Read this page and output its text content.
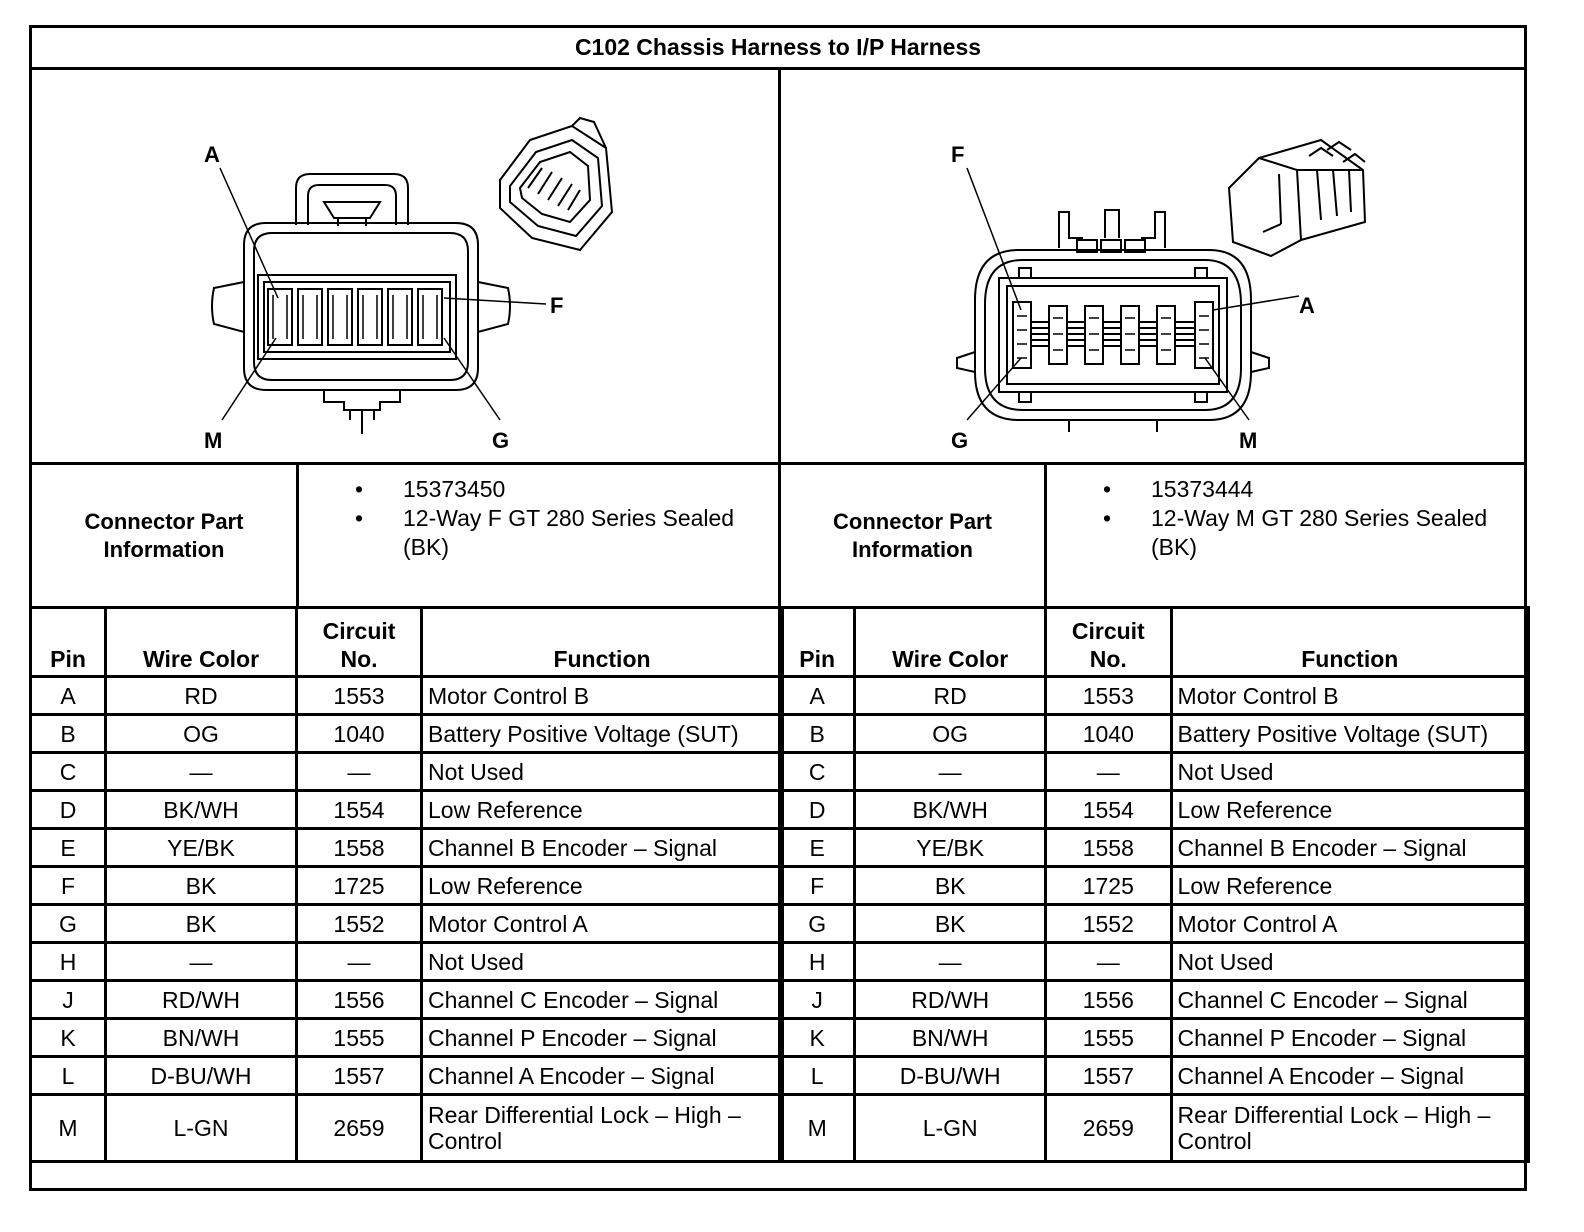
C102 Chassis Harness to I/P Harness
A
F
M	G
F
A
G	M
Connector Part Information
• 15373450
• 12-Way F GT 280 Series Sealed (BK)
Connector Part Information
• 15373444
• 12-Way M GT 280 Series Sealed (BK)
Pin	Wire Color	Circuit No.	Function
A	RD	1553	Motor Control B
B	OG	1040	Battery Positive Voltage (SUT)
C	—	—	Not Used
D	BK/WH	1554	Low Reference
E	YE/BK	1558	Channel B Encoder – Signal
F	BK	1725	Low Reference
G	BK	1552	Motor Control A
H	—	—	Not Used
J	RD/WH	1556	Channel C Encoder – Signal
K	BN/WH	1555	Channel P Encoder – Signal
L	D-BU/WH	1557	Channel A Encoder – Signal
M	L-GN	2659	Rear Differential Lock – High – Control
Pin	Wire Color	Circuit No.	Function
A	RD	1553	Motor Control B
B	OG	1040	Battery Positive Voltage (SUT)
C	—	—	Not Used
D	BK/WH	1554	Low Reference
E	YE/BK	1558	Channel B Encoder – Signal
F	BK	1725	Low Reference
G	BK	1552	Motor Control A
H	—	—	Not Used
J	RD/WH	1556	Channel C Encoder – Signal
K	BN/WH	1555	Channel P Encoder – Signal
L	D-BU/WH	1557	Channel A Encoder – Signal
M	L-GN	2659	Rear Differential Lock – High – Control
